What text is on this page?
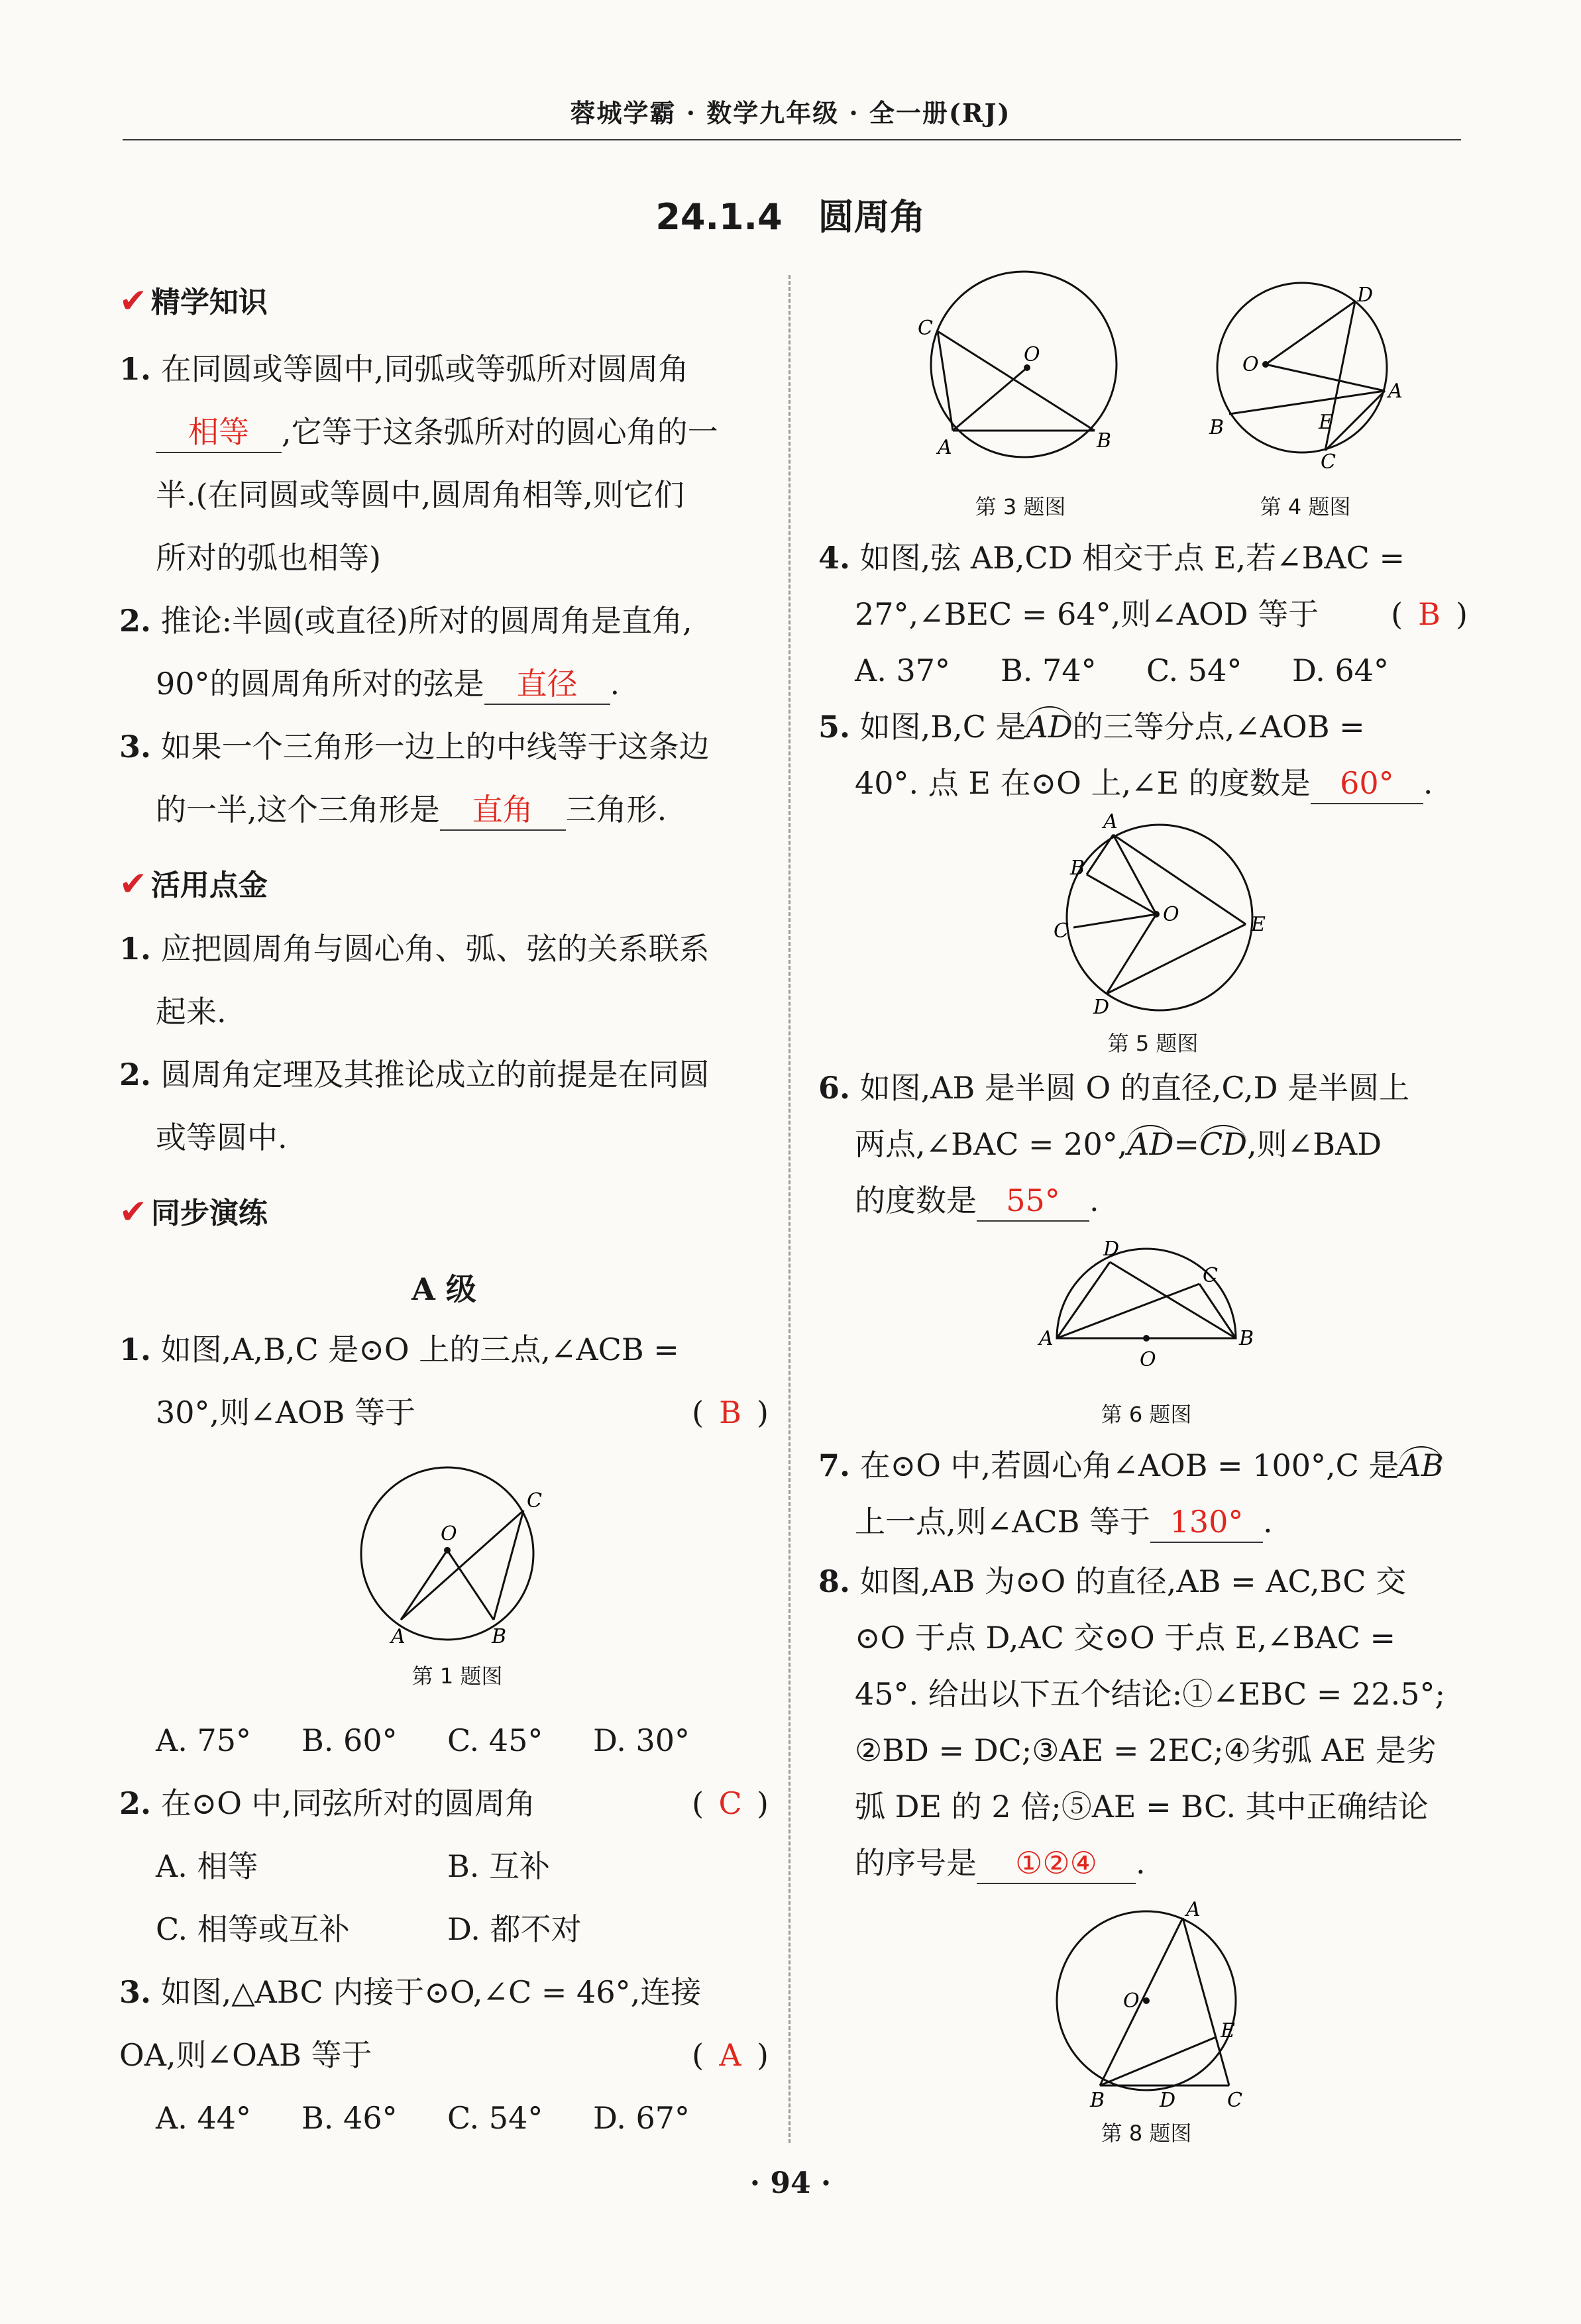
蓉城学霸 · 数学九年级 · 全一册(RJ)
24.1.4　圆周角
✔ 精学知识
1. 在同圆或等圆中,同弧或等弧所对圆周角
相等 ,它等于这条弧所对的圆心角的一
半.(在同圆或等圆中,圆周角相等,则它们
所对的弧也相等)
2. 推论:半圆(或直径)所对的圆周角是直角,
90°的圆周角所对的弦是 直径 .
3. 如果一个三角形一边上的中线等于这条边
的一半,这个三角形是 直角 三角形.
✔ 活用点金
1. 应把圆周角与圆心角、弧、弦的关系联系
起来.
2. 圆周角定理及其推论成立的前提是在同圆
或等圆中.
✔ 同步演练
A 级
1. 如图,A,B,C 是⊙O 上的三点,∠ACB =
30°,则∠AOB 等于	( B )
O
A	B
C
第 1 题图
A. 75° B. 60° C. 45° D. 30°
2. 在⊙O 中,同弦所对的圆周角	( C )
A. 相等	B. 互补
C. 相等或互补	D. 都不对
3. 如图,△ABC 内接于⊙O,∠C = 46°,连接
OA,则∠OAB 等于	( A )
A. 44° B. 46° C. 54° D. 67°
O
C
A	B
第 3 题图
O
D
A
B	E
C
第 4 题图
4. 如图,弦 AB,CD 相交于点 E,若∠BAC =
27°,∠BEC = 64°,则∠AOD 等于 ( B )
A. 37° B. 74° C. 54° D. 64°
5. 如图,B,C 是AD的三等分点,∠AOB =
40°. 点 E 在⊙O 上,∠E 的度数是 60° .
O
A
B
C
D
E
第 5 题图
6. 如图,AB 是半圆 O 的直径,C,D 是半圆上
两点,∠BAC = 20°,AD=CD,则∠BAD
的度数是 55° .
D
C
A	B
O
第 6 题图
7. 在⊙O 中,若圆心角∠AOB = 100°,C 是AB
上一点,则∠ACB 等于 130° .
8. 如图,AB 为⊙O 的直径,AB = AC,BC 交
⊙O 于点 D,AC 交⊙O 于点 E,∠BAC =
45°. 给出以下五个结论:①∠EBC = 22.5°;
②BD = DC;③AE = 2EC;④劣弧 AE 是劣
弧 DE 的 2 倍;⑤AE = BC. 其中正确结论
的序号是 ①②④ .
O
A
E
B	D	C
第 8 题图
· 94 ·
